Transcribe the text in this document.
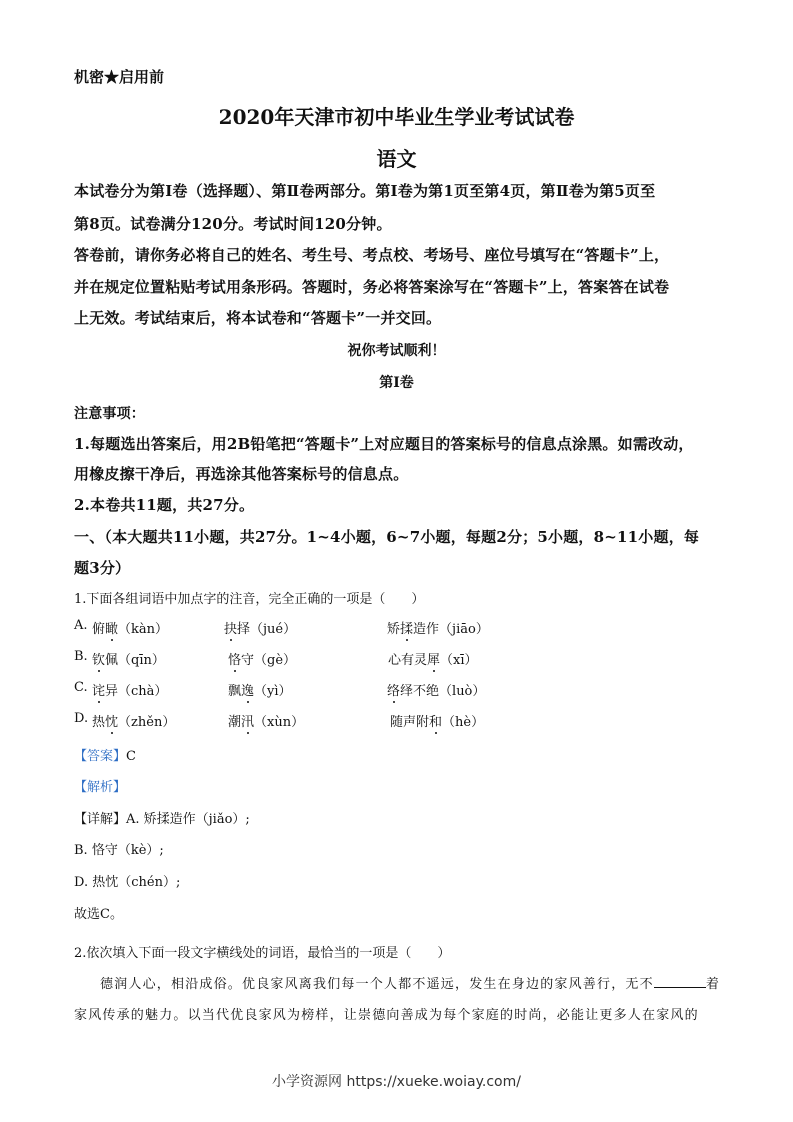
机密★启用前
2020年天津市初中毕业生学业考试试卷
语文
本试卷分为第Ⅰ卷（选择题）、第Ⅱ卷两部分。第Ⅰ卷为第1页至第4页，第Ⅱ卷为第5页至
第8页。试卷满分120分。考试时间120分钟。
答卷前，请你务必将自己的姓名、考生号、考点校、考场号、座位号填写在“答题卡”上，
并在规定位置粘贴考试用条形码。答题时，务必将答案涂写在“答题卡”上，答案答在试卷
上无效。考试结束后，将本试卷和“答题卡”一并交回。
祝你考试顺利！
第Ⅰ卷
注意事项：
1.每题选出答案后，用2B铅笔把“答题卡”上对应题目的答案标号的信息点涂黑。如需改动，
用橡皮擦干净后，再选涂其他答案标号的信息点。
2.本卷共11题，共27分。
一、（本大题共11小题，共27分。1~4小题，6~7小题，每题2分；5小题，8~11小题，每
题3分）
1.下面各组词语中加点字的注音，完全正确的一项是（　　）
A. 俯瞰（kàn）	抉择（jué）	矫揉造作（jiāo）
B. 钦佩（qīn）	恪守（gè）	心有灵犀（xī）
C. 诧异（chà）	飘逸（yì）	络绎不绝（luò）
D. 热忱（zhěn）	潮汛（xùn）	随声附和（hè）
【答案】C
【解析】
【详解】A. 矫揉造作（jiǎo）;
B. 恪守（kè）;
D. 热忱（chén）;
故选C。
2.依次填入下面一段文字横线处的词语，最恰当的一项是（　　）
德润人心，相沿成俗。优良家风离我们每一个人都不遥远，发生在身边的家风善行，无不	着
家风传承的魅力。以当代优良家风为榜样，让崇德向善成为每个家庭的时尚，必能让更多人在家风的
小学资源网 https://xueke.woiay.com/
